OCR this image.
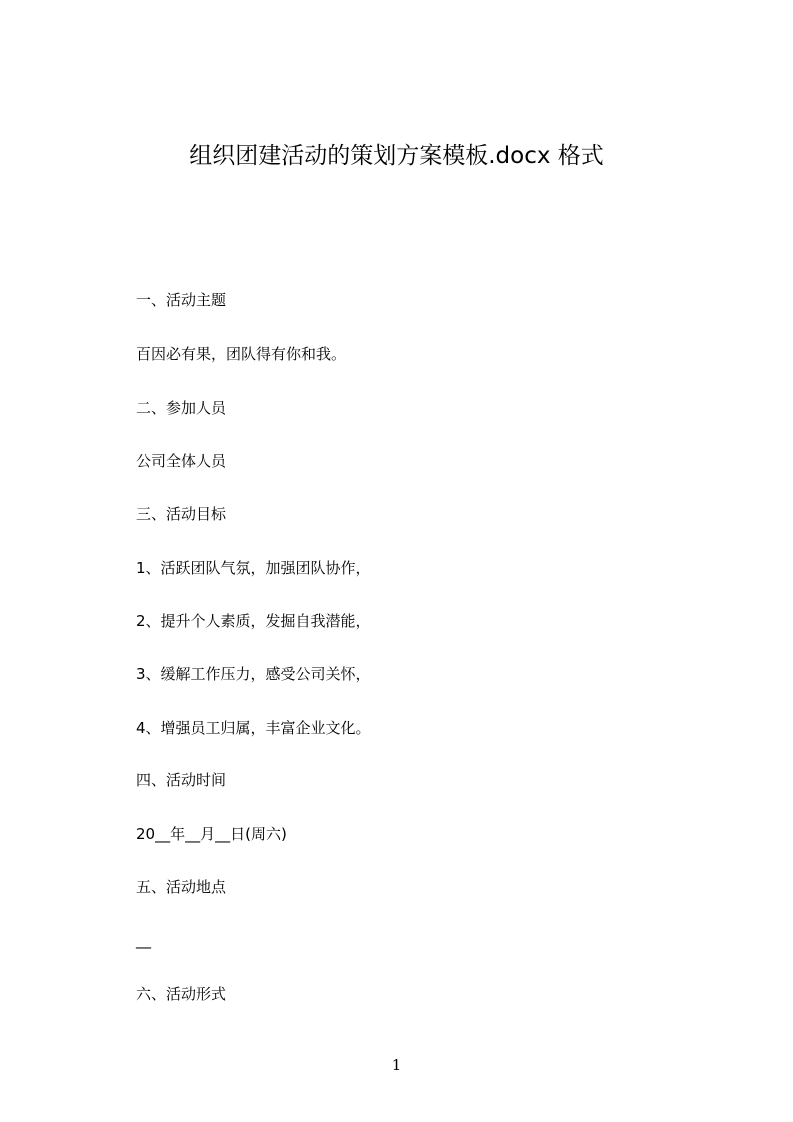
组织团建活动的策划方案模板.docx 格式
一、活动主题
百因必有果，团队得有你和我。
二、参加人员
公司全体人员
三、活动目标
1、活跃团队气氛，加强团队协作，
2、提升个人素质，发掘自我潜能，
3、缓解工作压力，感受公司关怀，
4、增强员工归属，丰富企业文化。
四、活动时间
20__年__月__日(周六)
五、活动地点
__
六、活动形式
1
